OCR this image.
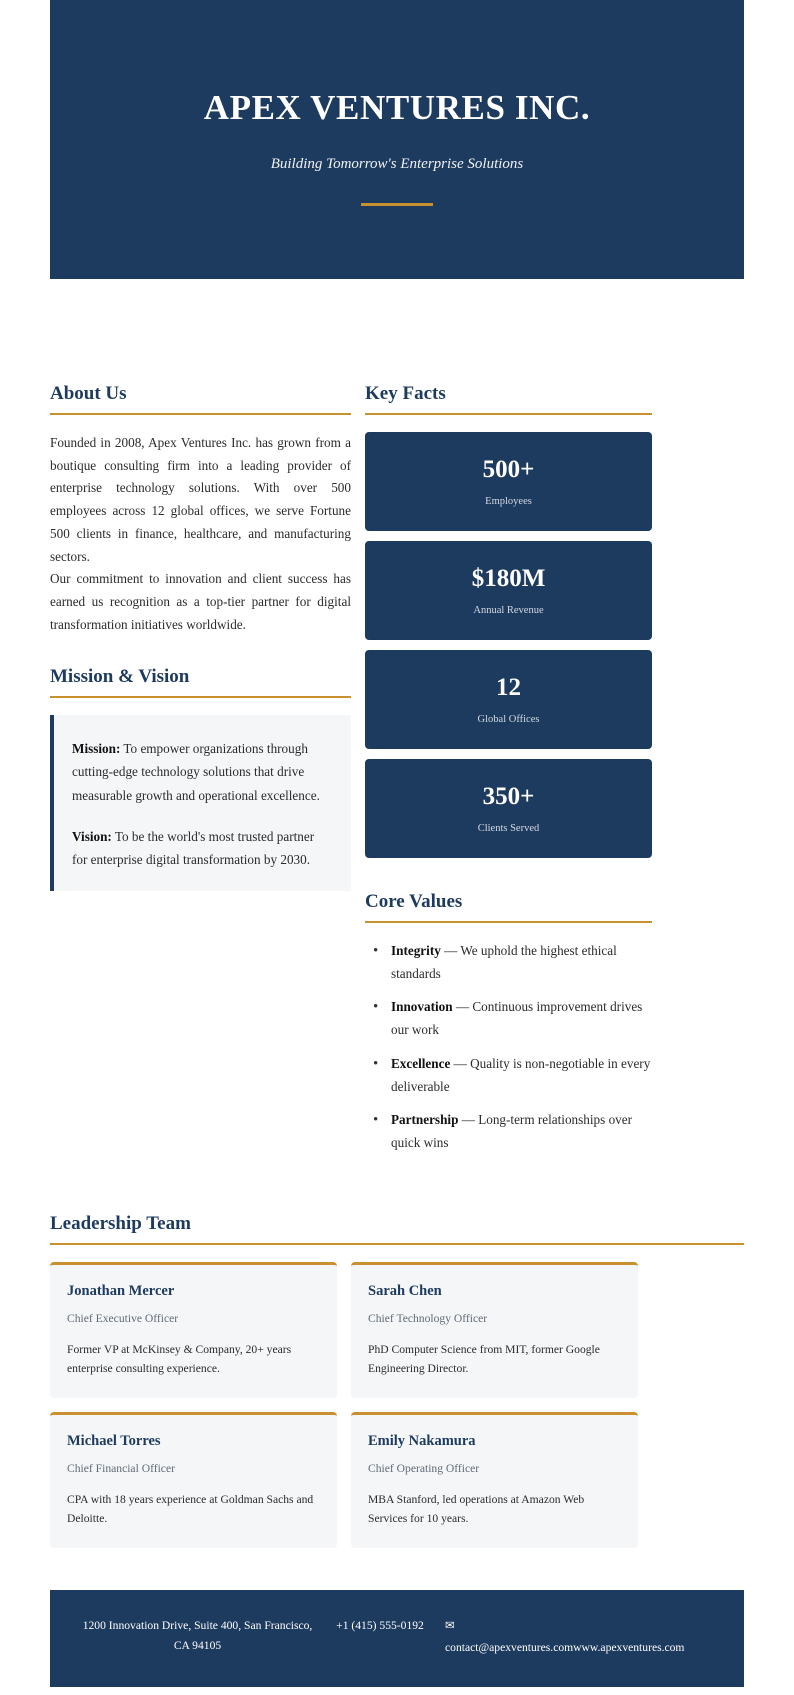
APEX VENTURES INC.
Building Tomorrow's Enterprise Solutions
About Us

Founded in 2008, Apex Ventures Inc. has grown from a boutique consulting firm into a leading provider of enterprise technology solutions. With over 500 employees across 12 global offices, we serve Fortune 500 clients in finance, healthcare, and manufacturing sectors.

Our commitment to innovation and client success has earned us recognition as a top-tier partner for digital transformation initiatives worldwide.

Mission & Vision

Mission: To empower organizations through cutting-edge technology solutions that drive measurable growth and operational excellence.

Vision: To be the world's most trusted partner for enterprise digital transformation by 2030.

Key Facts
500+
Employees
$180M
Annual Revenue
12
Global Offices
350+
Clients Served
Core Values
• Integrity — We uphold the highest ethical standards
• Innovation — Continuous improvement drives our work
• Excellence — Quality is non-negotiable in every deliverable
• Partnership — Long-term relationships over quick wins
Leadership Team
Jonathan Mercer
Chief Executive Officer
Former VP at McKinsey & Company, 20+ years enterprise consulting experience.
Sarah Chen
Chief Technology Officer
PhD Computer Science from MIT, former Google Engineering Director.
Michael Torres
Chief Financial Officer
CPA with 18 years experience at Goldman Sachs and Deloitte.
Emily Nakamura
Chief Operating Officer
MBA Stanford, led operations at Amazon Web Services for 10 years.
1200 Innovation Drive, Suite 400, San Francisco, CA 94105
+1 (415) 555-0192	✉
contact@apexventures.comwww.apexventures.com
